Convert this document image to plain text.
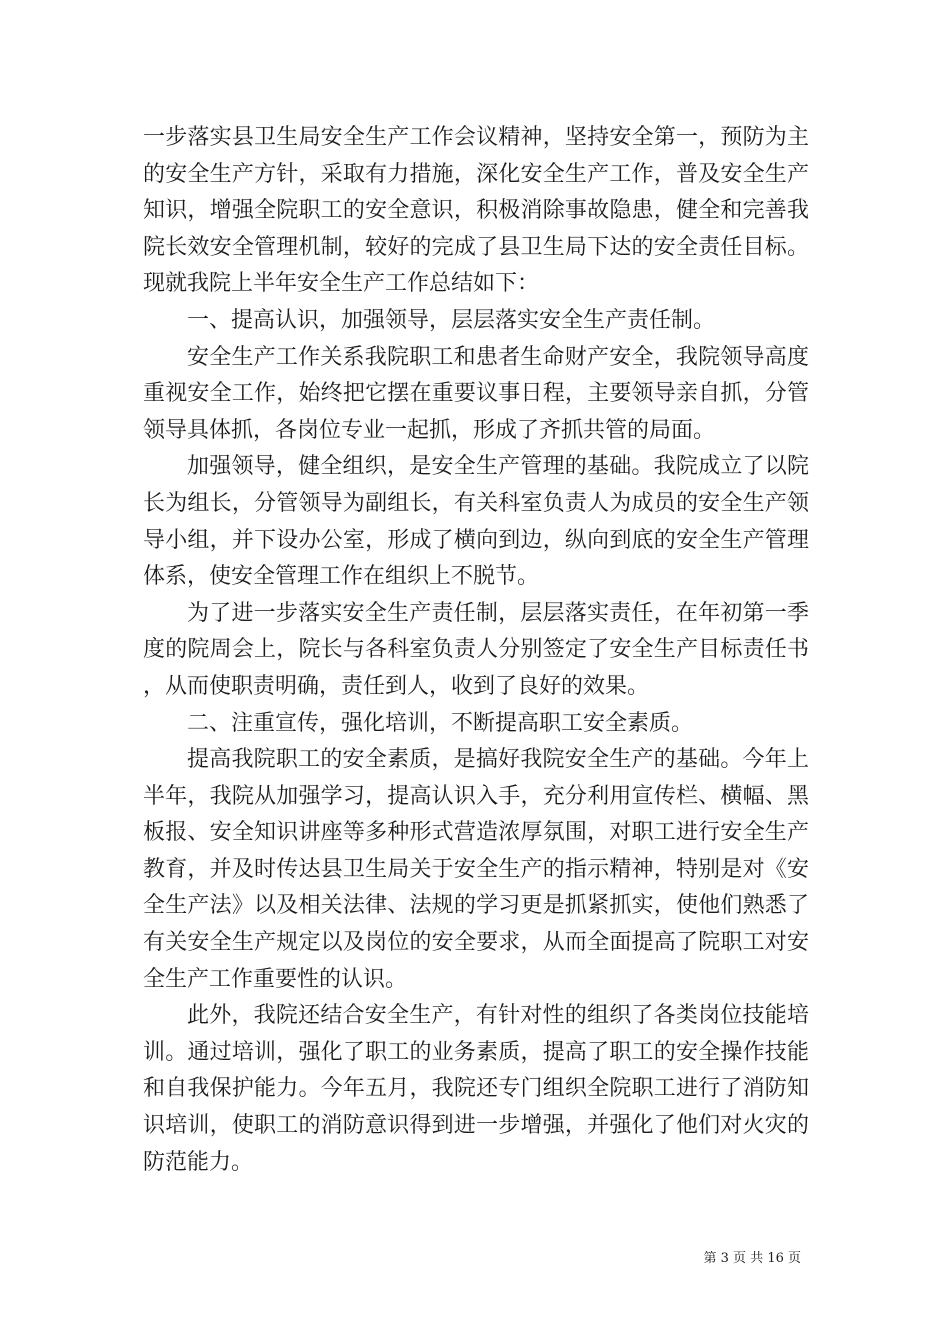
一步落实县卫生局安全生产工作会议精神，坚持安全第一，预防为主的安全生产方针，采取有力措施，深化安全生产工作，普及安全生产知识，增强全院职工的安全意识，积极消除事故隐患，健全和完善我院长效安全管理机制，较好的完成了县卫生局下达的安全责任目标。现就我院上半年安全生产工作总结如下：

一、提高认识，加强领导，层层落实安全生产责任制。

安全生产工作关系我院职工和患者生命财产安全，我院领导高度重视安全工作，始终把它摆在重要议事日程，主要领导亲自抓，分管领导具体抓，各岗位专业一起抓，形成了齐抓共管的局面。

加强领导，健全组织，是安全生产管理的基础。我院成立了以院长为组长，分管领导为副组长，有关科室负责人为成员的安全生产领导小组，并下设办公室，形成了横向到边，纵向到底的安全生产管理体系，使安全管理工作在组织上不脱节。

为了进一步落实安全生产责任制，层层落实责任，在年初第一季度的院周会上，院长与各科室负责人分别签定了安全生产目标责任书，从而使职责明确，责任到人，收到了良好的效果。

二、注重宣传，强化培训，不断提高职工安全素质。

提高我院职工的安全素质，是搞好我院安全生产的基础。今年上半年，我院从加强学习，提高认识入手，充分利用宣传栏、横幅、黑板报、安全知识讲座等多种形式营造浓厚氛围，对职工进行安全生产教育，并及时传达县卫生局关于安全生产的指示精神，特别是对《安全生产法》以及相关法律、法规的学习更是抓紧抓实，使他们熟悉了有关安全生产规定以及岗位的安全要求，从而全面提高了院职工对安全生产工作重要性的认识。

此外，我院还结合安全生产，有针对性的组织了各类岗位技能培训。通过培训，强化了职工的业务素质，提高了职工的安全操作技能和自我保护能力。今年五月，我院还专门组织全院职工进行了消防知识培训，使职工的消防意识得到进一步增强，并强化了他们对火灾的防范能力。

第 3 页 共 16 页
